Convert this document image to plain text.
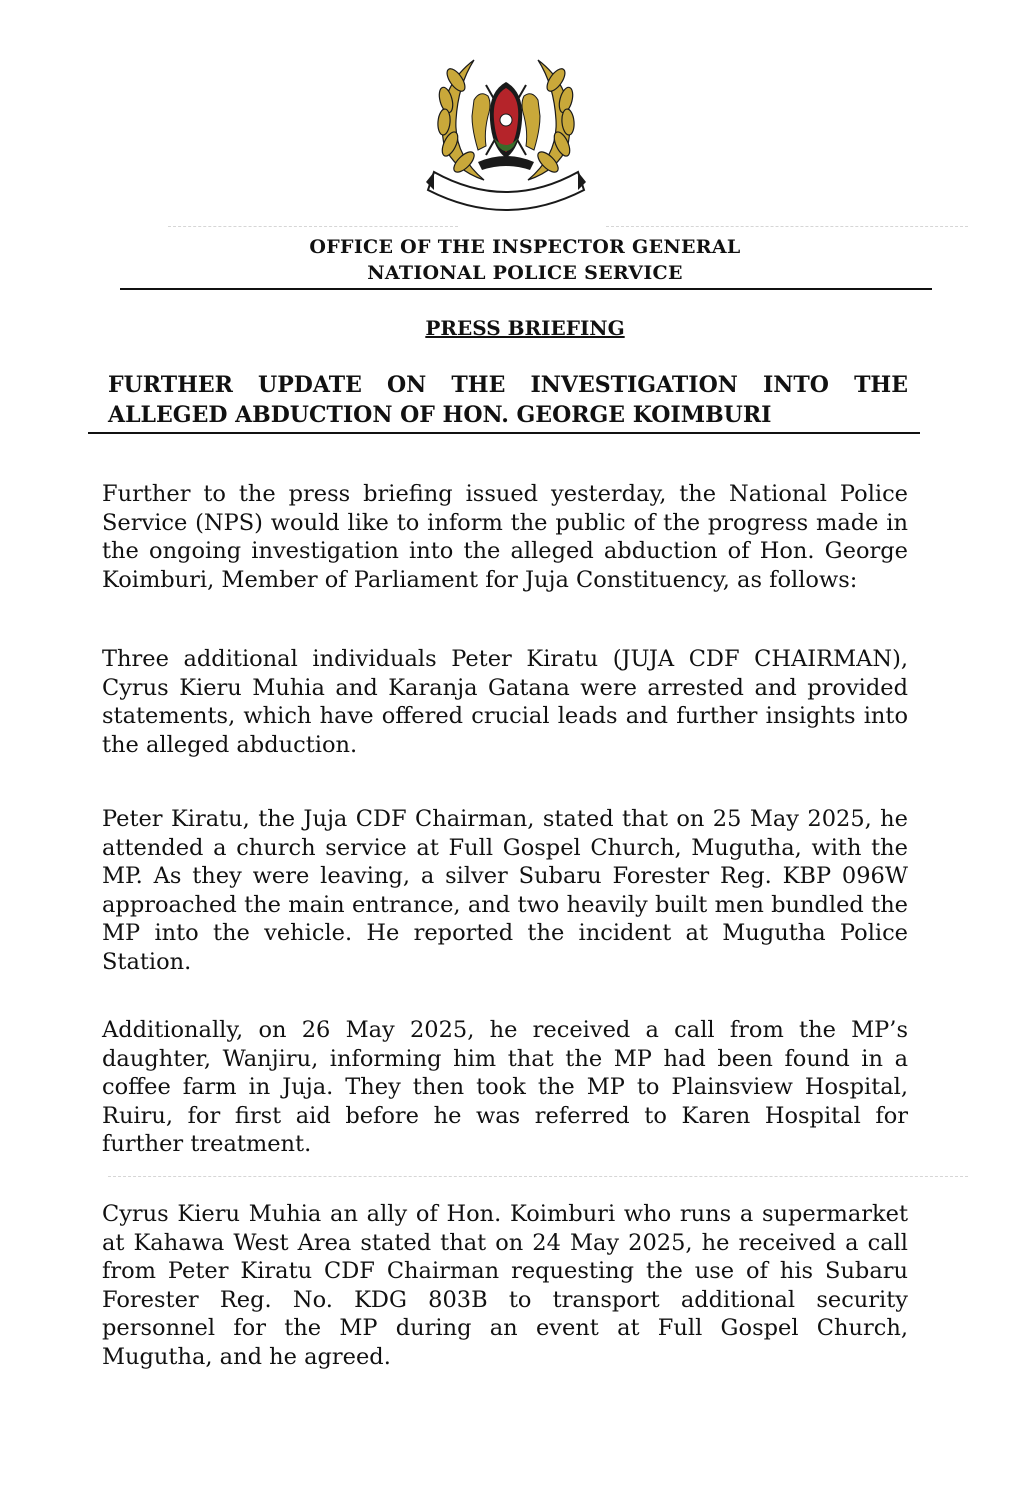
OFFICE OF THE INSPECTOR GENERAL
NATIONAL POLICE SERVICE
PRESS BRIEFING
FURTHER UPDATE ON THE INVESTIGATION INTO THE ALLEGED ABDUCTION OF HON. GEORGE KOIMBURI

Further to the press briefing issued yesterday, the National Police Service (NPS) would like to inform the public of the progress made in the ongoing investigation into the alleged abduction of Hon. George Koimburi, Member of Parliament for Juja Constituency, as follows:

Three additional individuals Peter Kiratu (JUJA CDF CHAIRMAN), Cyrus Kieru Muhia and Karanja Gatana were arrested and provided statements, which have offered crucial leads and further insights into the alleged abduction.

Peter Kiratu, the Juja CDF Chairman, stated that on 25 May 2025, he attended a church service at Full Gospel Church, Mugutha, with the MP. As they were leaving, a silver Subaru Forester Reg. KBP 096W approached the main entrance, and two heavily built men bundled the MP into the vehicle. He reported the incident at Mugutha Police Station.

Additionally, on 26 May 2025, he received a call from the MP’s daughter, Wanjiru, informing him that the MP had been found in a coffee farm in Juja. They then took the MP to Plainsview Hospital, Ruiru, for first aid before he was referred to Karen Hospital for further treatment.

Cyrus Kieru Muhia an ally of Hon. Koimburi who runs a supermarket at Kahawa West Area stated that on 24 May 2025, he received a call from Peter Kiratu CDF Chairman requesting the use of his Subaru Forester Reg. No. KDG 803B to transport additional security personnel for the MP during an event at Full Gospel Church, Mugutha, and he agreed.
